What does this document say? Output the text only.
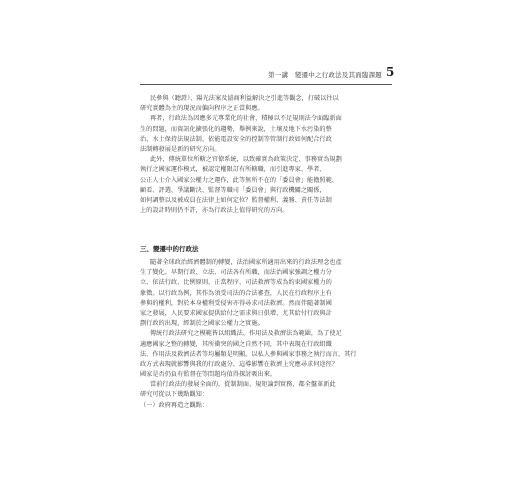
5
第一講　變遷中之行政法及其面臨課題
民參與（聽證）、陽光法案及協商利益解決之引進等觀念，打破以往以
研究實體為主的現況而偏向程序之正當與應。
再者，行政法為因應多元專業化的社會，積極以不足規則法令面臨新面
生的問題，而資訊化擴張化的趨勢，舉例來說，土壤及地下水污染的整
治、水土保持法規法制、依能電設安全的控制等管制行政如何配合行政
法制轉發展是新的研究方向。
此外，傳統單位所轄之官僚系統，以致確實為政策決定、事務實為規劃
執行之國家運作模式，被認定權限訂有所轄職，而引進專家、學者、
公正人士介入國家公權力之運作，此等無所不在的「委員會」能擔照範、
顧看、評選、爭議斷決、監督等職司「委員會」與行政機關之關係，
如何調整以及被成員在法律上如何定位？監督權利、義務、責任等法制
上的設計時則仍不許，亦為行政法上值得研究的方向。
三、變遷中的行政法
隨著全球政治經濟體制的轉變，法治國家所適用出來的行政法理念也產
生了變化。早期行政、立法、司法各有所職，而法治國家強調之權力分
立、依法行政、比例原則、正當程序、司法救濟等成為約束國家權力的
象徵。以行政為例，其作為須受司法的合法審查，人民在行政程序上有
參與的權利，對於本身權利受侵害亦得尋求司法救濟。然而伴隨著制國
家之發展，人民要求國家提供給付之需求與日俱增，尤其給付行政與計
劃行政的出現，經制於之國家公權力之實施。
傳統行政法研究之模範皆以組織法、作用法及救濟法為範圍，為了使足
適應國家之整的轉變，其所衝突的國之自然不同，其中表現在行政組織
法、作用法及救濟法者等均屬類是明顯。以私人參與國家事務之執行而言，其行
政方式表現就影響與我的行政處分、這導影響在救濟上究應尋求何途徑？
國家是否仍負有監督在等問題均值得探討吸出來。
當前行政法的發展全面的，從制制面、規矩論到實務，都全盤革新此
研究可從以下幾點觀知：
（一）政府再造之觀點：
